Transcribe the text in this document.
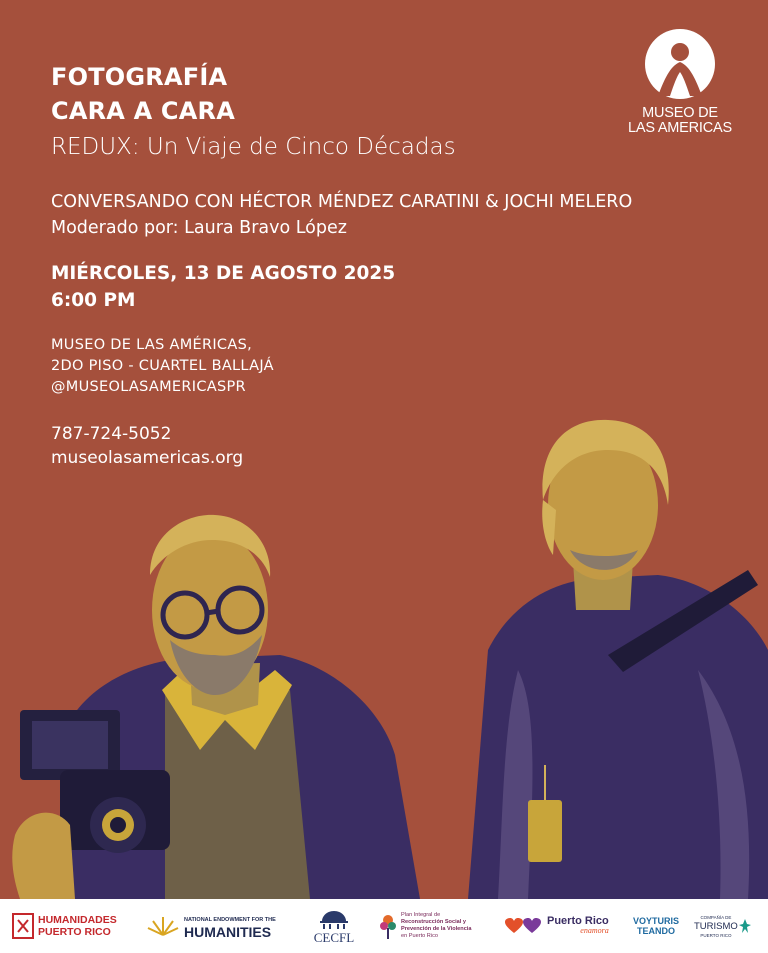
MUSEO DE
LAS AMERICAS
FOTOGRAFÍA
CARA A CARA
REDUX: Un Viaje de Cinco Décadas
CONVERSANDO CON HÉCTOR MÉNDEZ CARATINI & JOCHI MELERO
Moderado por: Laura Bravo López
MIÉRCOLES, 13 DE AGOSTO 2025
6:00 PM
MUSEO DE LAS AMÉRICAS,
2DO PISO - CUARTEL BALLAJÁ
@MUSEOLASAMERICASPR
787-724-5052
museolasamericas.org
HUMANIDADES
PUERTO RICO
NATIONAL ENDOWMENT FOR THE
HUMANITIES	CECFL
Plan Integral de
Reconstrucción Social y
Prevención de la Violencia
en Puerto Rico
Puerto Rico
enamora
VOYTURIS
TEANDO
COMPAÑÍA DE
TURISMO
PUERTO RICO
